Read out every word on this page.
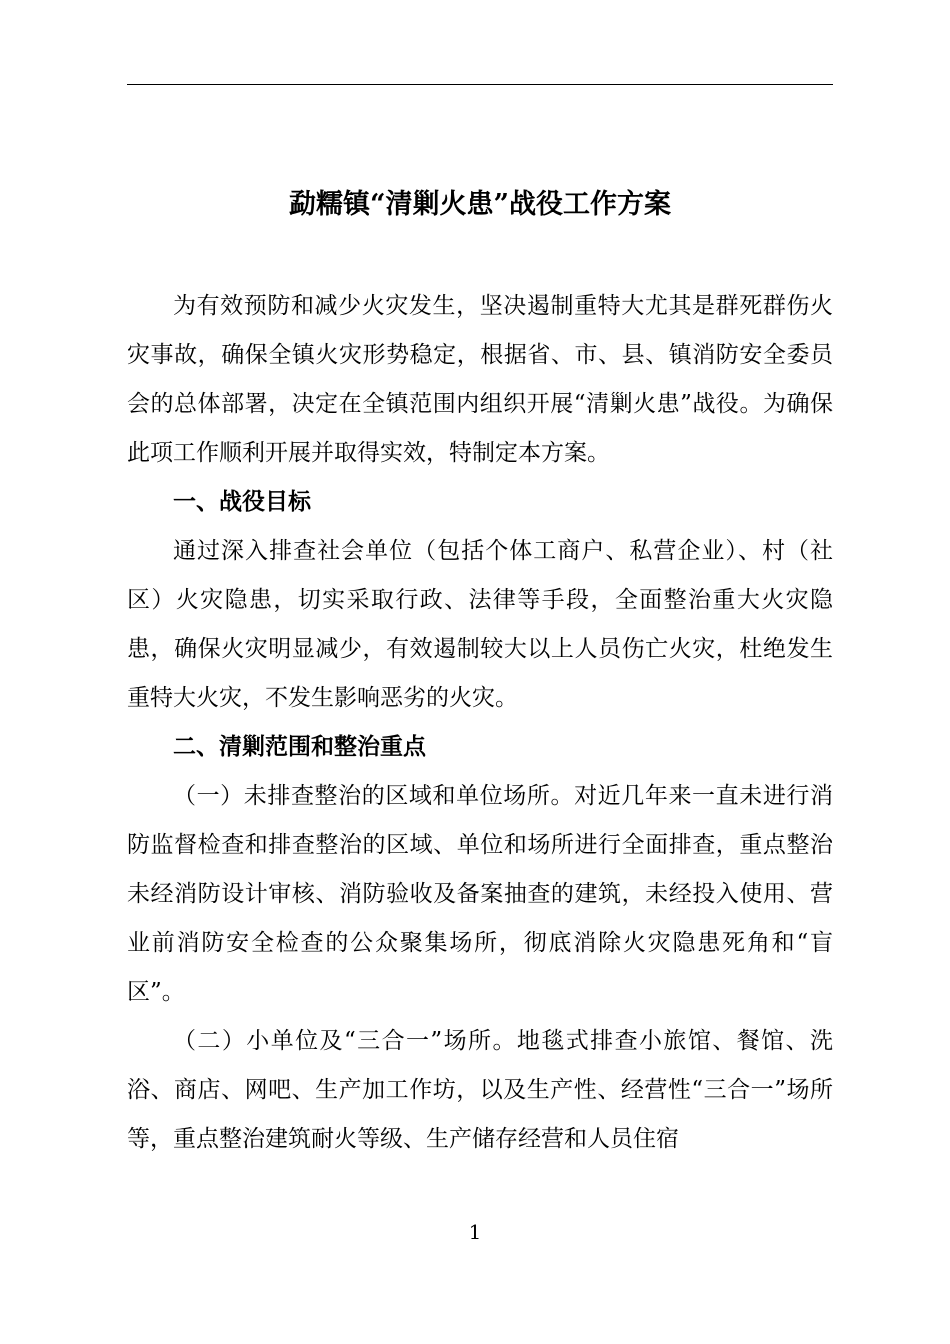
勐糯镇“清剿火患”战役工作方案

为有效预防和减少火灾发生，坚决遏制重特大尤其是群死群伤火灾事故，确保全镇火灾形势稳定，根据省、市、县、镇消防安全委员会的总体部署，决定在全镇范围内组织开展“清剿火患”战役。为确保此项工作顺利开展并取得实效，特制定本方案。

一、战役目标

通过深入排查社会单位（包括个体工商户、私营企业）、村（社区）火灾隐患，切实采取行政、法律等手段，全面整治重大火灾隐患，确保火灾明显减少，有效遏制较大以上人员伤亡火灾，杜绝发生重特大火灾，不发生影响恶劣的火灾。

二、清剿范围和整治重点

（一）未排查整治的区域和单位场所。对近几年来一直未进行消防监督检查和排查整治的区域、单位和场所进行全面排查，重点整治未经消防设计审核、消防验收及备案抽查的建筑，未经投入使用、营业前消防安全检查的公众聚集场所，彻底消除火灾隐患死角和“盲区”。

（二）小单位及“三合一”场所。地毯式排查小旅馆、餐馆、洗浴、商店、网吧、生产加工作坊，以及生产性、经营性“三合一”场所等，重点整治建筑耐火等级、生产储存经营和人员住宿

1
